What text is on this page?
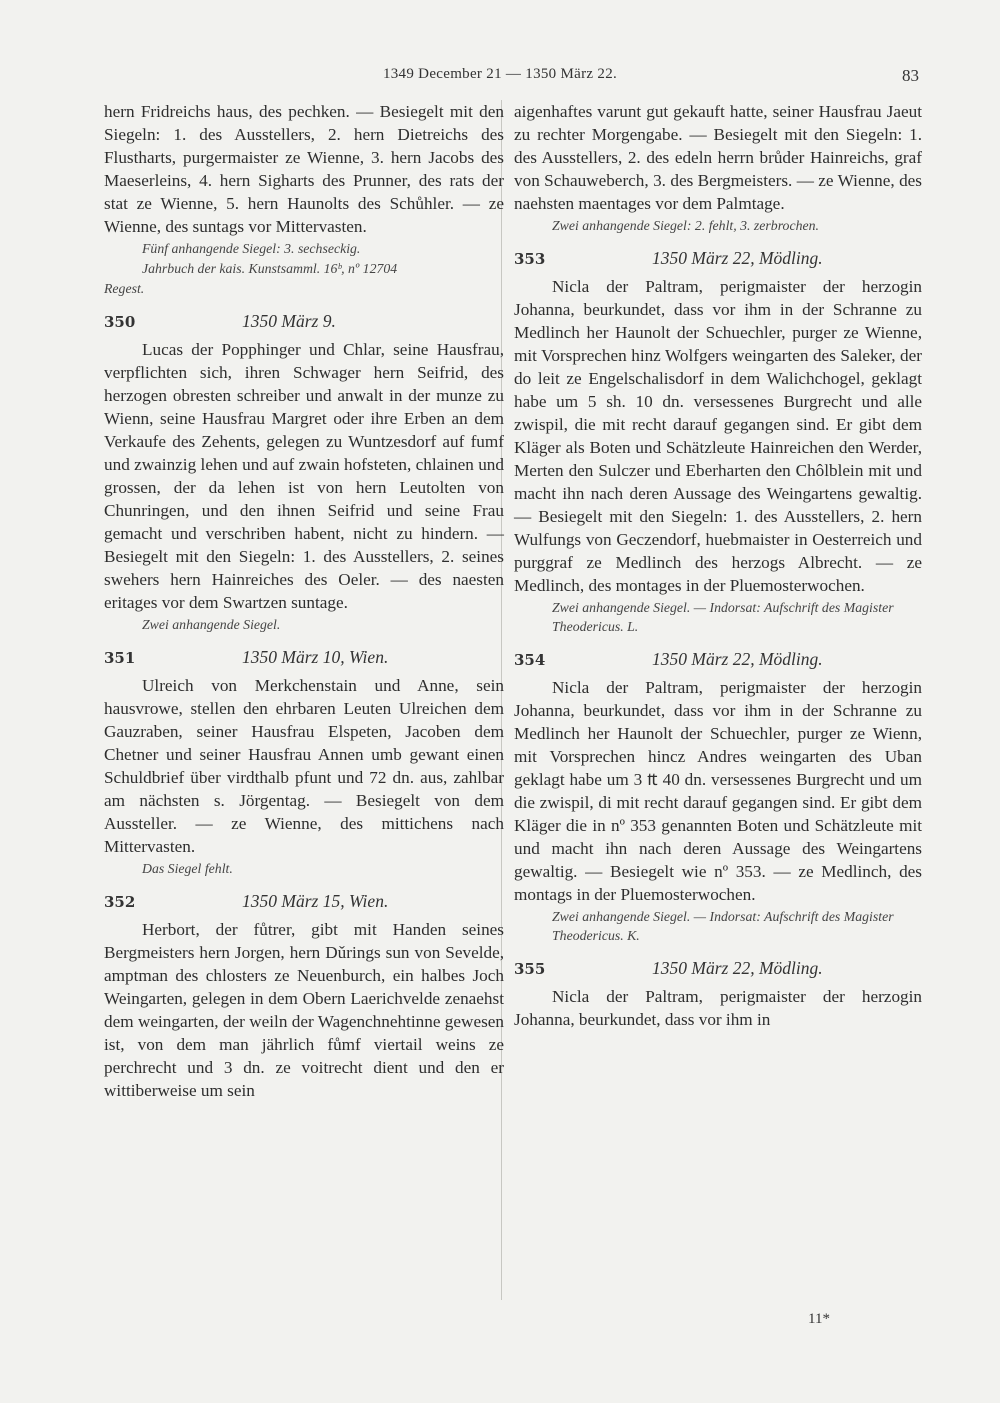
1349 December 21 — 1350 März 22.	83

hern Fridreichs haus, des pechken. — Besiegelt mit den Siegeln: 1. des Ausstellers, 2. hern Dietreichs des Flustharts, purgermaister ze Wienne, 3. hern Jacobs des Maeserleins, 4. hern Sigharts des Prunner, des rats der stat ze Wienne, 5. hern Haunolts des Schůhler. — ze Wienne, des suntags vor Mittervasten.

Fünf anhangende Siegel: 3. sechseckig.

Jahrbuch der kais. Kunstsamml. 16ᵇ, nº 12704

Regest.

350	1350 März 9.

Lucas der Popphinger und Chlar, seine Hausfrau, verpflichten sich, ihren Schwager hern Seifrid, des herzogen obresten schreiber und anwalt in der munze zu Wienn, seine Hausfrau Margret oder ihre Erben an dem Verkaufe des Zehents, gelegen zu Wuntzesdorf auf fumf und zwainzig lehen und auf zwain hofsteten, chlainen und grossen, der da lehen ist von hern Leutolten von Chunringen, und den ihnen Seifrid und seine Frau gemacht und verschriben habent, nicht zu hindern. — Besiegelt mit den Siegeln: 1. des Ausstellers, 2. seines swehers hern Hainreiches des Oeler. — des naesten eritages vor dem Swartzen suntage.

Zwei anhangende Siegel.

351	1350 März 10, Wien.

Ulreich von Merkchenstain und Anne, sein hausvrowe, stellen den ehrbaren Leuten Ulreichen dem Gauzraben, seiner Hausfrau Elspeten, Jacoben dem Chetner und seiner Hausfrau Annen umb gewant einen Schuldbrief über virdthalb pfunt und 72 dn. aus, zahlbar am nächsten s. Jörgentag. — Besiegelt von dem Aussteller. — ze Wienne, des mittichens nach Mittervasten.

Das Siegel fehlt.

352	1350 März 15, Wien.

Herbort, der fůtrer, gibt mit Handen seines Bergmeisters hern Jorgen, hern Dǔrings sun von Sevelde, amptman des chlosters ze Neuenburch, ein halbes Joch Weingarten, gelegen in dem Obern Laerichvelde zenaehst dem weingarten, der weiln der Wagenchnehtinne gewesen ist, von dem man jährlich fůmf viertail weins ze perchrecht und 3 dn. ze voitrecht dient und den er wittiberweise um sein

aigenhaftes varunt gut gekauft hatte, seiner Hausfrau Jaeut zu rechter Morgengabe. — Besiegelt mit den Siegeln: 1. des Ausstellers, 2. des edeln herrn brůder Hainreichs, graf von Schauweberch, 3. des Bergmeisters. — ze Wienne, des naehsten maentages vor dem Palmtage.

Zwei anhangende Siegel: 2. fehlt, 3. zerbrochen.

353	1350 März 22, Mödling.

Nicla der Paltram, perigmaister der herzogin Johanna, beurkundet, dass vor ihm in der Schranne zu Medlinch her Haunolt der Schuechler, purger ze Wienne, mit Vorsprechen hinz Wolfgers weingarten des Saleker, der do leit ze Engelschalisdorf in dem Walichchogel, geklagt habe um 5 sh. 10 dn. versessenes Burgrecht und alle zwispil, die mit recht darauf gegangen sind. Er gibt dem Kläger als Boten und Schätzleute Hainreichen den Werder, Merten den Sulczer und Eberharten den Chôlblein mit und macht ihn nach deren Aussage des Weingartens gewaltig. — Besiegelt mit den Siegeln: 1. des Ausstellers, 2. hern Wulfungs von Geczendorf, huebmaister in Oesterreich und purggraf ze Medlinch des herzogs Albrecht. — ze Medlinch, des montages in der Pluemosterwochen.

Zwei anhangende Siegel. — Indorsat: Aufschrift des Magister Theodericus. L.

354	1350 März 22, Mödling.

Nicla der Paltram, perigmaister der herzogin Johanna, beurkundet, dass vor ihm in der Schranne zu Medlinch her Haunolt der Schuechler, purger ze Wienn, mit Vorsprechen hincz Andres weingarten des Uban geklagt habe um 3 ₶ 40 dn. versessenes Burgrecht und um die zwispil, di mit recht darauf gegangen sind. Er gibt dem Kläger die in nº 353 genannten Boten und Schätzleute mit und macht ihn nach deren Aussage des Weingartens gewaltig. — Besiegelt wie nº 353. — ze Medlinch, des montags in der Pluemosterwochen.

Zwei anhangende Siegel. — Indorsat: Aufschrift des Magister Theodericus. K.

355	1350 März 22, Mödling.

Nicla der Paltram, perigmaister der herzogin Johanna, beurkundet, dass vor ihm in

11*
